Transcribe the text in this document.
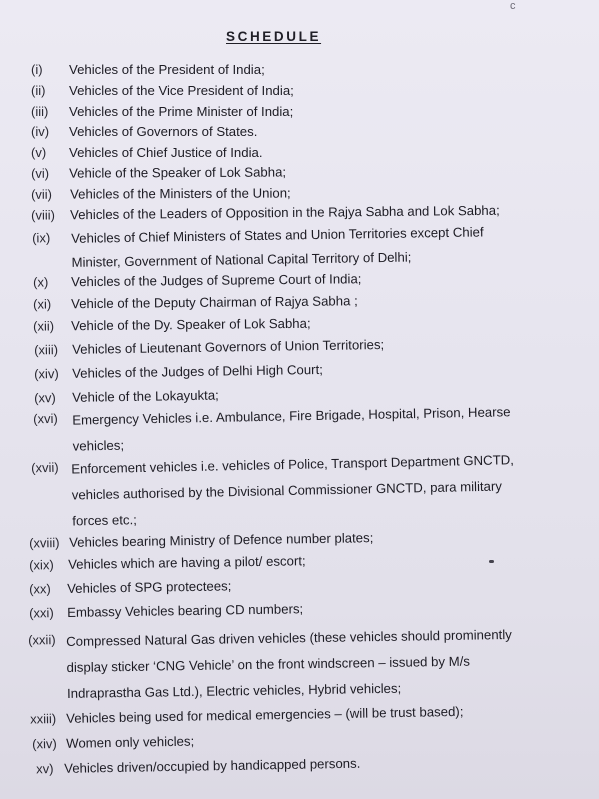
c
SCHEDULE
(i) Vehicles of the President of India;
(ii) Vehicles of the Vice President of India;
(iii) Vehicles of the Prime Minister of India;
(iv) Vehicles of Governors of States.
(v) Vehicles of Chief Justice of India.
(vi) Vehicle of the Speaker of Lok Sabha;
(vii) Vehicles of the Ministers of the Union;
(viii) Vehicles of the Leaders of Opposition in the Rajya Sabha and Lok Sabha;
(ix) Vehicles of Chief Ministers of States and Union Territories except Chief
Minister, Government of National Capital Territory of Delhi;
(x) Vehicles of the Judges of Supreme Court of India;
(xi) Vehicle of the Deputy Chairman of Rajya Sabha ;
(xii) Vehicle of the Dy. Speaker of Lok Sabha;
(xiii) Vehicles of Lieutenant Governors of Union Territories;
(xiv) Vehicles of the Judges of Delhi High Court;
(xv) Vehicle of the Lokayukta;
(xvi) Emergency Vehicles i.e. Ambulance, Fire Brigade, Hospital, Prison, Hearse
vehicles;
(xvii) Enforcement vehicles i.e. vehicles of Police, Transport Department GNCTD,
vehicles authorised by the Divisional Commissioner GNCTD, para military
forces etc.;
(xviii) Vehicles bearing Ministry of Defence number plates;
(xix) Vehicles which are having a pilot/ escort;
(xx) Vehicles of SPG protectees;
(xxi) Embassy Vehicles bearing CD numbers;
(xxii) Compressed Natural Gas driven vehicles (these vehicles should prominently
display sticker ‘CNG Vehicle’ on the front windscreen – issued by M/s
Indraprastha Gas Ltd.), Electric vehicles, Hybrid vehicles;
xxiii) Vehicles being used for medical emergencies – (will be trust based);
(xiv) Women only vehicles;
xv) Vehicles driven/occupied by handicapped persons.
